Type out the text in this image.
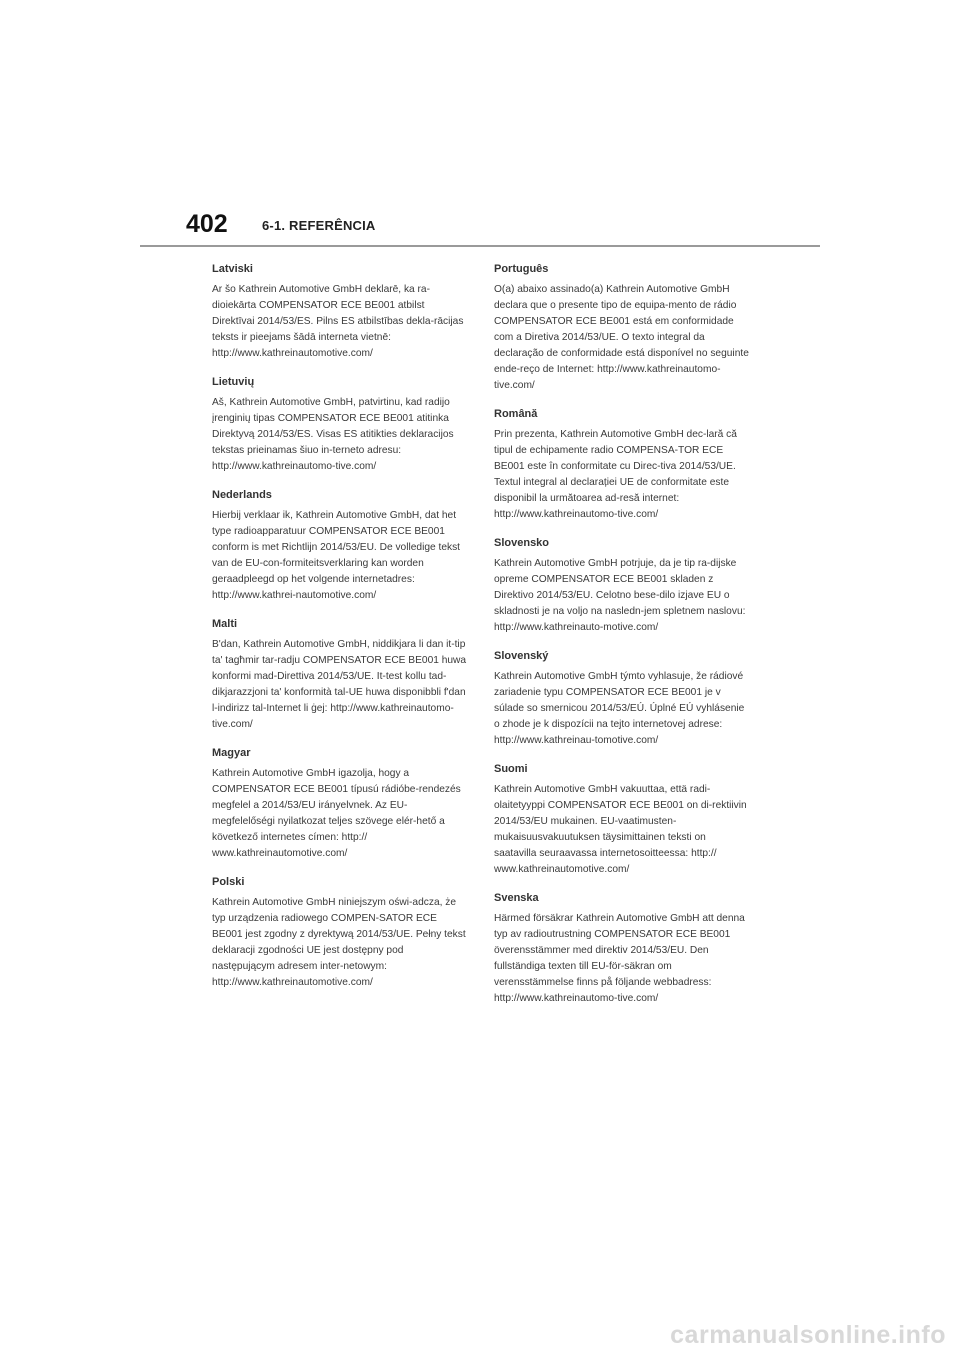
402	6-1. REFERÊNCIA

Latviski

Ar šo Kathrein Automotive GmbH deklarē, ka ra-dioiekārta COMPENSATOR ECE BE001 atbilst Direktīvai 2014/53/ES. Pilns ES atbilstības dekla-rācijas teksts ir pieejams šādā interneta vietnē: http://www.kathreinautomotive.com/

Lietuvių

Aš, Kathrein Automotive GmbH, patvirtinu, kad radijo įrenginių tipas COMPENSATOR ECE BE001 atitinka Direktyvą 2014/53/ES. Visas ES atitikties deklaracijos tekstas prieinamas šiuo in-terneto adresu: http://www.kathreinautomo-tive.com/

Nederlands

Hierbij verklaar ik, Kathrein Automotive GmbH, dat het type radioapparatuur COMPENSATOR ECE BE001 conform is met Richtlijn 2014/53/EU. De volledige tekst van de EU-con-formiteitsverklaring kan worden geraadpleegd op het volgende internetadres: http://www.kathrei-nautomotive.com/

Malti

B'dan, Kathrein Automotive GmbH, niddikjara li dan it-tip ta' tagħmir tar-radju COMPENSATOR ECE BE001 huwa konformi mad-Direttiva 2014/53/UE. It-test kollu tad-dikjarazzjoni ta' konformità tal-UE huwa disponibbli f'dan l-indirizz tal-Internet li ġej: http://www.kathreinautomo-tive.com/

Magyar

Kathrein Automotive GmbH igazolja, hogy a COMPENSATOR ECE BE001 típusú rádióbe-rendezés megfelel a 2014/53/EU irányelvnek. Az EU-megfelelőségi nyilatkozat teljes szövege elér-hető a következő internetes címen: http:// www.kathreinautomotive.com/

Polski

Kathrein Automotive GmbH niniejszym oświ-adcza, że typ urządzenia radiowego COMPEN-SATOR ECE BE001 jest zgodny z dyrektywą 2014/53/UE. Pełny tekst deklaracji zgodności UE jest dostępny pod następującym adresem inter-netowym: http://www.kathreinautomotive.com/

Português

O(a) abaixo assinado(a) Kathrein Automotive GmbH declara que o presente tipo de equipa-mento de rádio COMPENSATOR ECE BE001 está em conformidade com a Diretiva 2014/53/UE. O texto integral da declaração de conformidade está disponível no seguinte ende-reço de Internet: http://www.kathreinautomo-tive.com/

Română

Prin prezenta, Kathrein Automotive GmbH dec-lară că tipul de echipamente radio COMPENSA-TOR ECE BE001 este în conformitate cu Direc-tiva 2014/53/UE. Textul integral al declarației UE de conformitate este disponibil la următoarea ad-resă internet: http://www.kathreinautomo-tive.com/

Slovensko

Kathrein Automotive GmbH potrjuje, da je tip ra-dijske opreme COMPENSATOR ECE BE001 skladen z Direktivo 2014/53/EU. Celotno bese-dilo izjave EU o skladnosti je na voljo na nasledn-jem spletnem naslovu: http://www.kathreinauto-motive.com/

Slovenský

Kathrein Automotive GmbH týmto vyhlasuje, že rádiové zariadenie typu COMPENSATOR ECE BE001 je v súlade so smernicou 2014/53/EÚ. Úplné EÚ vyhlásenie o zhode je k dispozícii na tejto internetovej adrese: http://www.kathreinau-tomotive.com/

Suomi

Kathrein Automotive GmbH vakuuttaa, että radi-olaitetyyppi COMPENSATOR ECE BE001 on di-rektiivin 2014/53/EU mukainen. EU-vaatimusten-mukaisuusvakuutuksen täysimittainen teksti on saatavilla seuraavassa internetosoitteessa: http:// www.kathreinautomotive.com/

Svenska

Härmed försäkrar Kathrein Automotive GmbH att denna typ av radioutrustning COMPENSATOR ECE BE001 överensstämmer med direktiv 2014/53/EU. Den fullständiga texten till EU-för-säkran om verensstämmelse finns på följande webbadress: http://www.kathreinautomo-tive.com/

carmanualsonline.info
